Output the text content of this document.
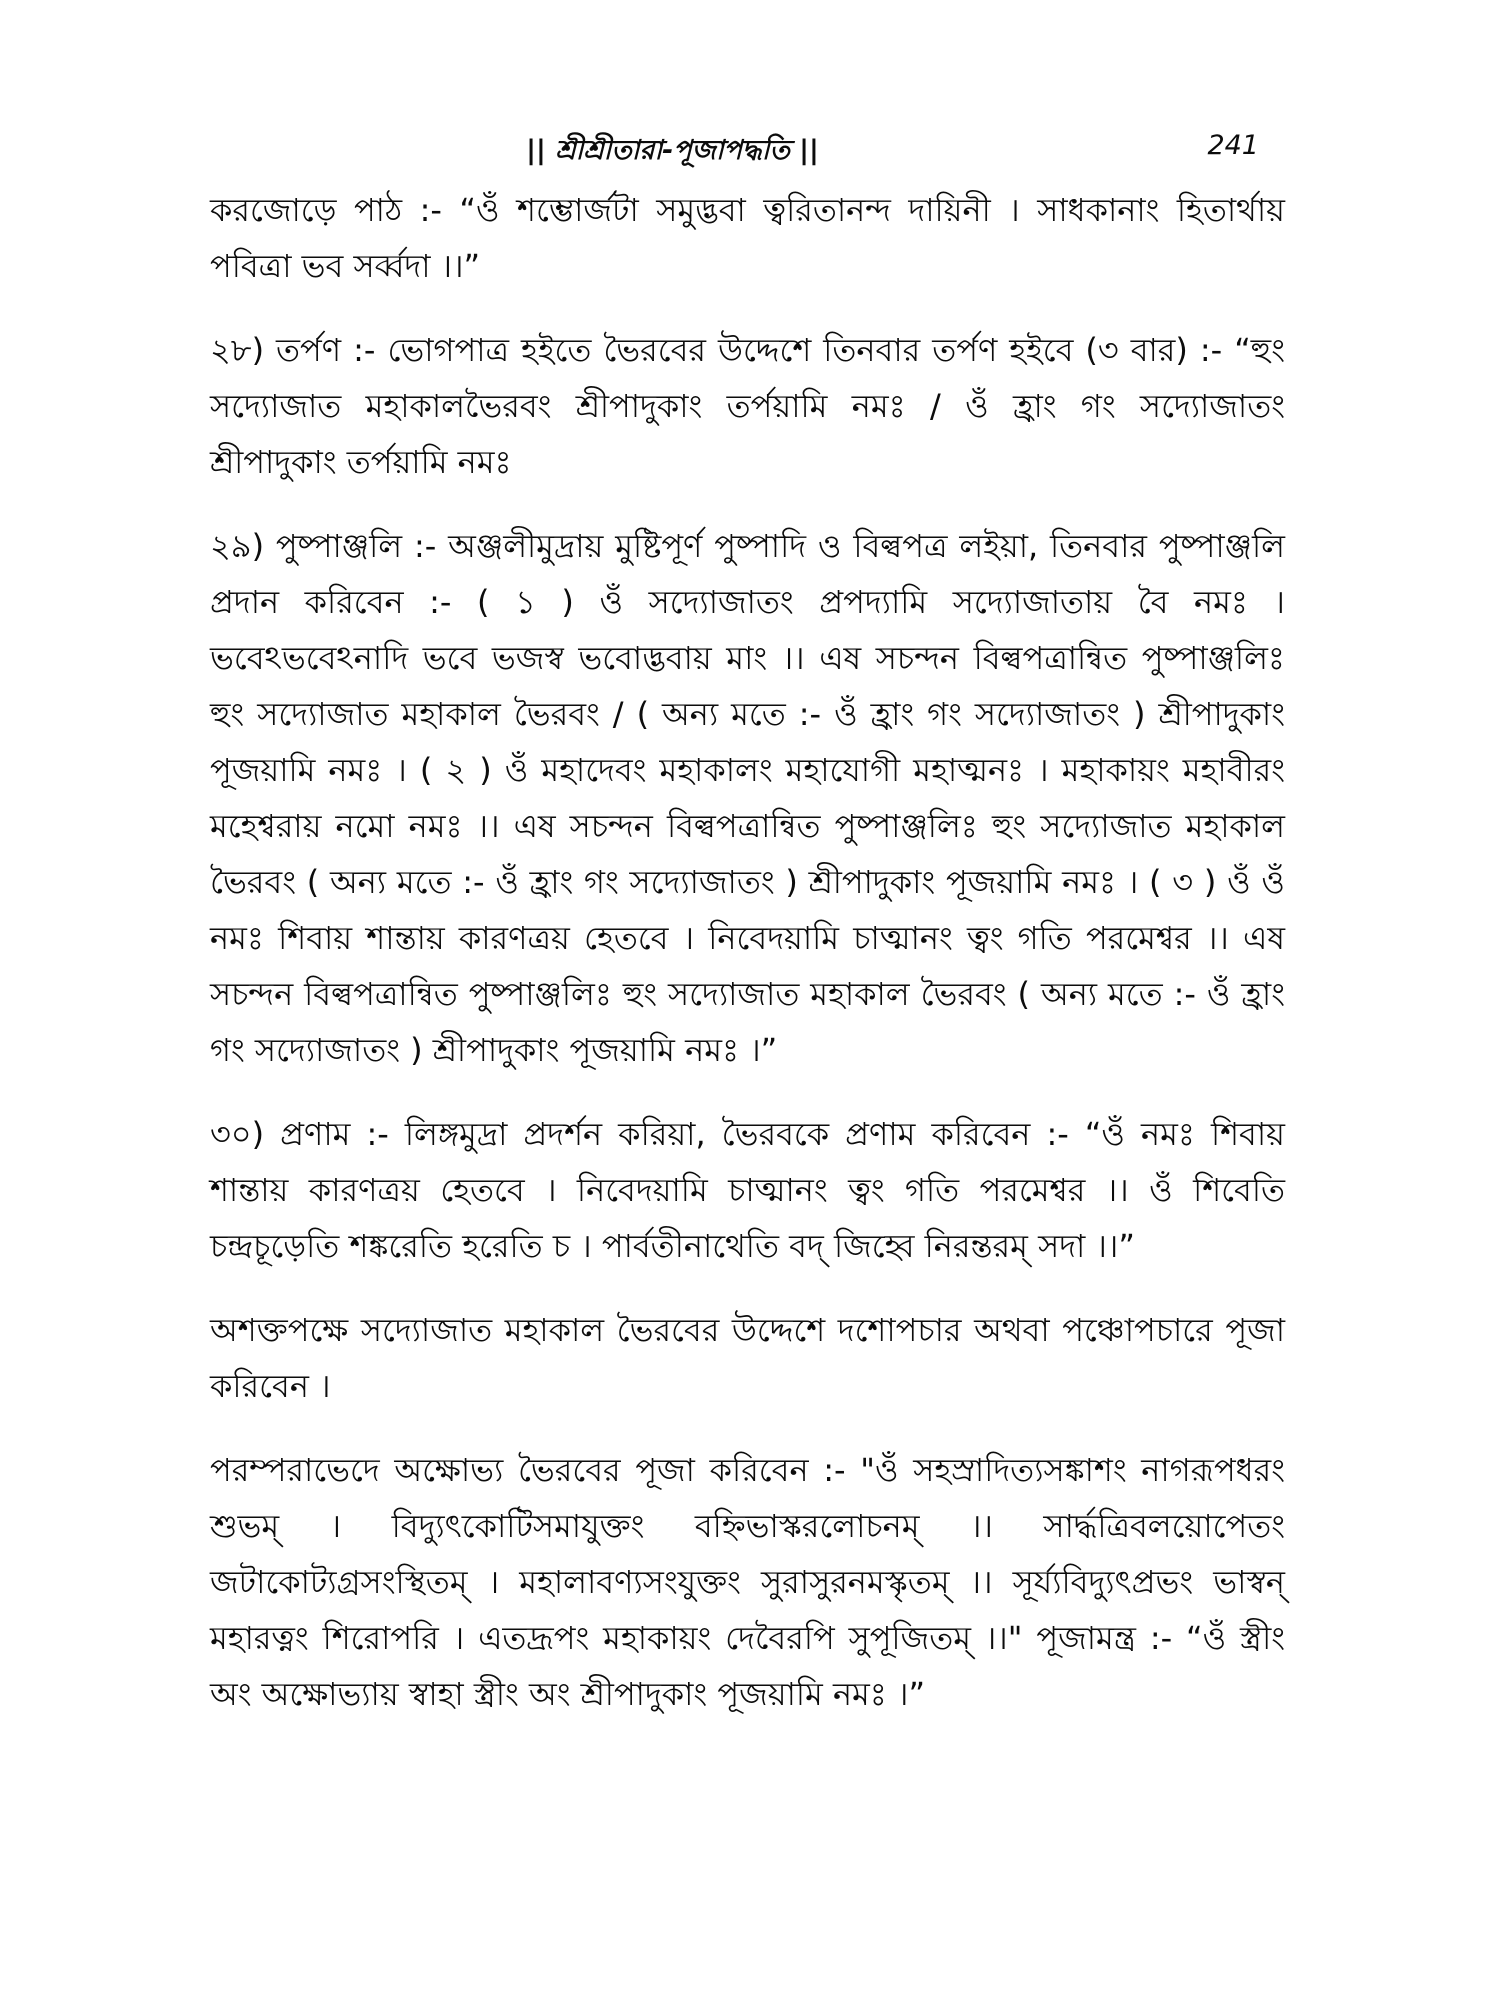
|| শ্রীশ্রীতারা-পূজাপদ্ধতি ||	241

করজোড়ে পাঠ :- “ওঁ শম্ভোর্জটা সমুদ্ভবা ত্বরিতানন্দ দায়িনী । সাধকানাং হিতার্থায় পবিত্রা ভব সর্ব্বদা ।।”

২৮) তর্পণ :- ভোগপাত্র হইতে ভৈরবের উদ্দেশে তিনবার তর্পণ হইবে (৩ বার) :- “হুং সদ্যোজাত মহাকালভৈরবং শ্রীপাদুকাং তর্পয়ামি নমঃ / ওঁ হ্রাং গং সদ্যোজাতং শ্রীপাদুকাং তর্পয়ামি নমঃ

২৯) পুষ্পাঞ্জলি :- অঞ্জলীমুদ্রায় মুষ্টিপূর্ণ পুষ্পাদি ও বিল্বপত্র লইয়া, তিনবার পুষ্পাঞ্জলি প্রদান করিবেন :- ( ১ ) ওঁ সদ্যোজাতং প্রপদ্যামি সদ্যোজাতায় বৈ নমঃ । ভবেঽভবেঽনাদি ভবে ভজস্ব ভবোদ্ভবায় মাং ।। এষ সচন্দন বিল্বপত্রান্বিত পুষ্পাঞ্জলিঃ হুং সদ্যোজাত মহাকাল ভৈরবং / ( অন্য মতে :- ওঁ হ্রাং গং সদ্যোজাতং ) শ্রীপাদুকাং পূজয়ামি নমঃ । ( ২ ) ওঁ মহাদেবং মহাকালং মহাযোগী মহাত্মনঃ । মহাকায়ং মহাবীরং মহেশ্বরায় নমো নমঃ ।। এষ সচন্দন বিল্বপত্রান্বিত পুষ্পাঞ্জলিঃ হুং সদ্যোজাত মহাকাল ভৈরবং ( অন্য মতে :- ওঁ হ্রাং গং সদ্যোজাতং ) শ্রীপাদুকাং পূজয়ামি নমঃ । ( ৩ ) ওঁ ওঁ নমঃ শিবায় শান্তায় কারণত্রয় হেতবে । নিবেদয়ামি চাত্মানং ত্বং গতি পরমেশ্বর ।। এষ সচন্দন বিল্বপত্রান্বিত পুষ্পাঞ্জলিঃ হুং সদ্যোজাত মহাকাল ভৈরবং ( অন্য মতে :- ওঁ হ্রাং গং সদ্যোজাতং ) শ্রীপাদুকাং পূজয়ামি নমঃ ।”

৩০) প্রণাম :- লিঙ্গমুদ্রা প্রদর্শন করিয়া, ভৈরবকে প্রণাম করিবেন :- “ওঁ নমঃ শিবায় শান্তায় কারণত্রয় হেতবে । নিবেদয়ামি চাত্মানং ত্বং গতি পরমেশ্বর ।। ওঁ শিবেতি চন্দ্রচূড়েতি শঙ্করেতি হরেতি চ । পার্বতীনাথেতি বদ্ জিহ্বে নিরন্তরম্ সদা ।।”

অশক্তপক্ষে সদ্যোজাত মহাকাল ভৈরবের উদ্দেশে দশোপচার অথবা পঞ্চোপচারে পূজা করিবেন ।

পরম্পরাভেদে অক্ষোভ্য ভৈরবের পূজা করিবেন :- "ওঁ সহস্রাদিত্যসঙ্কাশং নাগরূপধরং শুভম্ । বিদ্যুৎকোটিসমাযুক্তং বহ্নিভাস্করলোচনম্ ।। সার্দ্ধত্রিবলয়োপেতং জটাকোট্যগ্রসংস্থিতম্ । মহালাবণ্যসংযুক্তং সুরাসুরনমস্কৃতম্ ।। সূর্য্যবিদ্যুৎপ্রভং ভাস্বন্ মহারত্নং শিরোপরি । এতদ্রূপং মহাকায়ং দেবৈরপি সুপূজিতম্ ।।" পূজামন্ত্র :- “ওঁ স্ত্রীং অং অক্ষোভ্যায় স্বাহা স্ত্রীং অং শ্রীপাদুকাং পূজয়ামি নমঃ ।”
